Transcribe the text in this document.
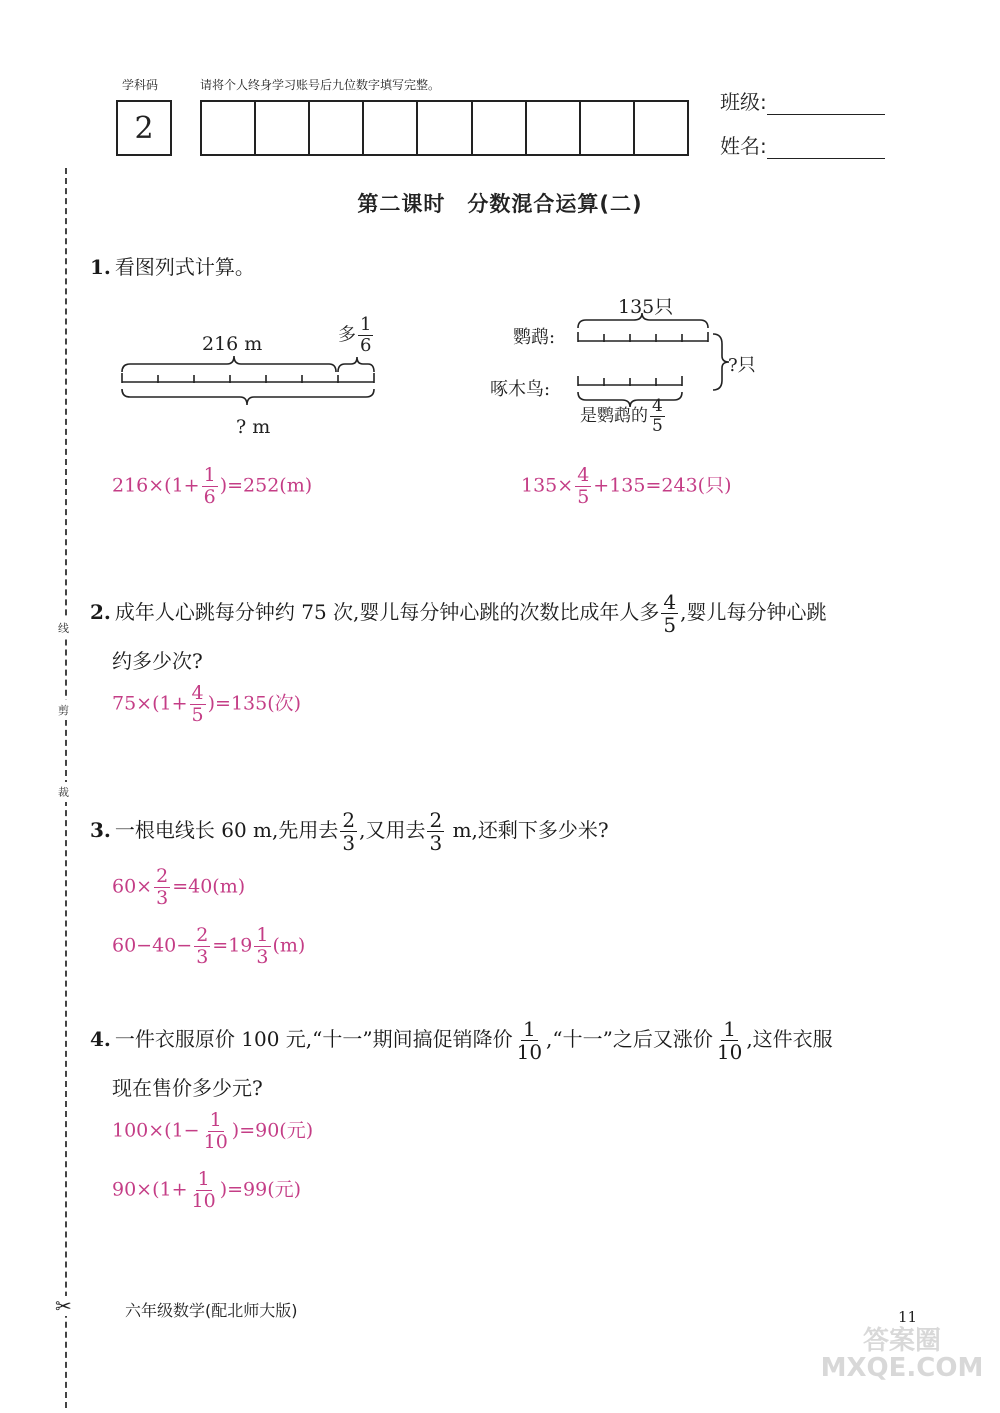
学科码	请将个人终身学习账号后九位数字填写完整。
2
班级:
姓名:
第二课时　分数混合运算(二)
线
剪
裁
✂
1. 看图列式计算。
216 m	多 $\frac{1}{6}$
? m
$216\times(1+ \frac{1}{6} )=252(m)$
135只
鹦鹉:
啄木鸟:
?只
是鹦鹉的 $\frac{4}{5}$
$135\times \frac{4}{5} +135=243$(只)
2. 成年人心跳每分钟约 75 次,婴儿每分钟心跳的次数比成年人多 $\frac{4}{5}$ ,婴儿每分钟心跳
约多少次?
$75\times(1+ \frac{4}{5} )=135$(次)
3. 一根电线长 60 m,先用去 $\frac{2}{3}$ ,又用去 $\frac{2}{3} m$,还剩下多少米?
$60\times \frac{2}{3} =40(m)$
$60-40- \frac{2}{3} =19 \frac{1}{3} (m)$
4. 一件衣服原价 100 元,“十一”期间搞促销降价 $\frac{1}{10}$ ,“十一”之后又涨价 $\frac{1}{10}$ ,这件衣服
现在售价多少元?
$100\times(1- \frac{1}{10} )=90$(元)
$90\times(1+ \frac{1}{10} )=99$(元)
六年级数学(配北师大版)	11
答案圈 MXQE.COM
